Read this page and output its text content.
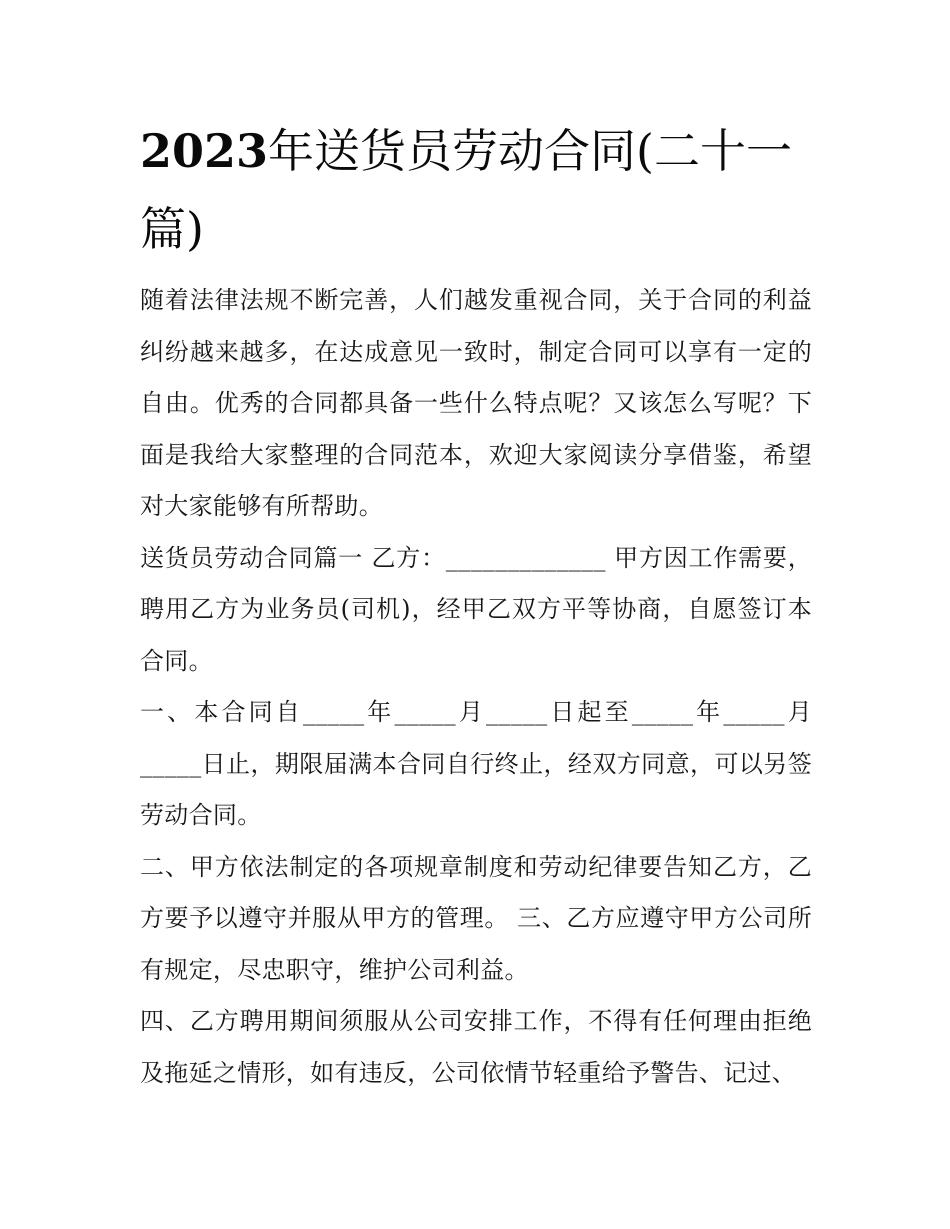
2023年送货员劳动合同(二十一篇)

随着法律法规不断完善，人们越发重视合同，关于合同的利益纠纷越来越多，在达成意见一致时，制定合同可以享有一定的自由。优秀的合同都具备一些什么特点呢？又该怎么写呢？下面是我给大家整理的合同范本，欢迎大家阅读分享借鉴，希望对大家能够有所帮助。

送货员劳动合同篇一 乙方：_____________ 甲方因工作需要，聘用乙方为业务员(司机)，经甲乙双方平等协商，自愿签订本合同。

一、本合同自_____年_____月_____日起至_____年_____月_____日止，期限届满本合同自行终止，经双方同意，可以另签劳动合同。

二、甲方依法制定的各项规章制度和劳动纪律要告知乙方，乙方要予以遵守并服从甲方的管理。 三、乙方应遵守甲方公司所有规定，尽忠职守，维护公司利益。

四、乙方聘用期间须服从公司安排工作，不得有任何理由拒绝及拖延之情形，如有违反，公司依情节轻重给予警告、记过、
